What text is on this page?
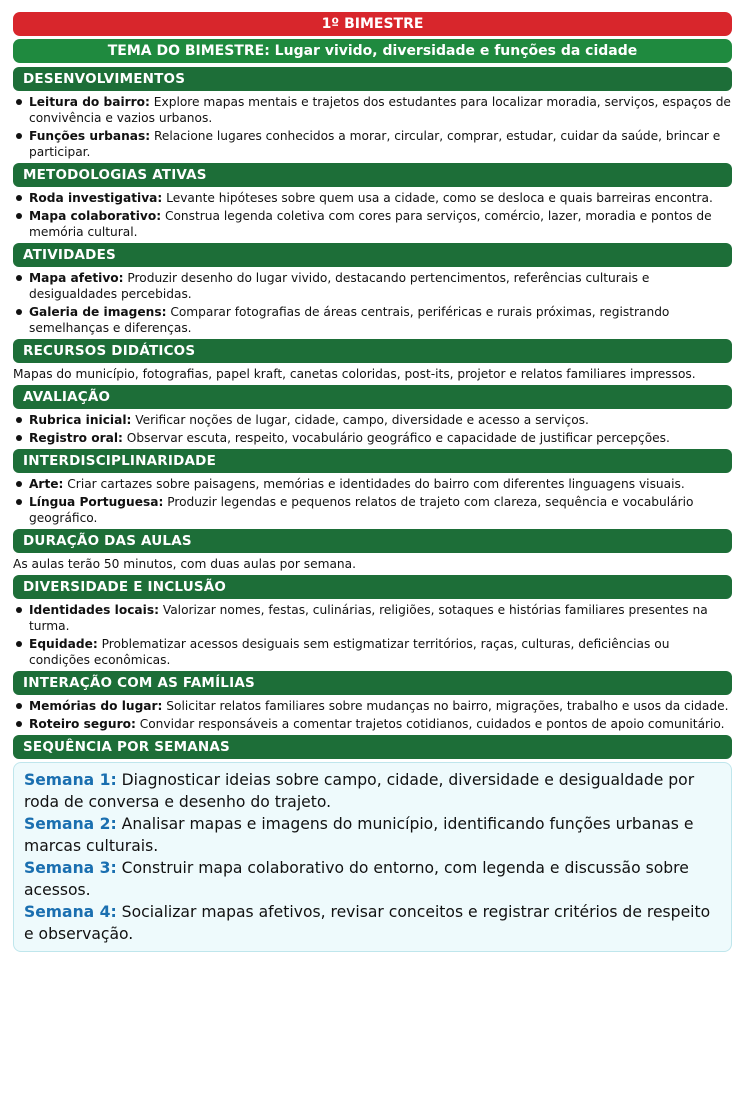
1º BIMESTRE
TEMA DO BIMESTRE: Lugar vivido, diversidade e funções da cidade
DESENVOLVIMENTOS
Leitura do bairro: Explore mapas mentais e trajetos dos estudantes para localizar moradia, serviços, espaços de convivência e vazios urbanos.
Funções urbanas: Relacione lugares conhecidos a morar, circular, comprar, estudar, cuidar da saúde, brincar e participar.
METODOLOGIAS ATIVAS
Roda investigativa: Levante hipóteses sobre quem usa a cidade, como se desloca e quais barreiras encontra.
Mapa colaborativo: Construa legenda coletiva com cores para serviços, comércio, lazer, moradia e pontos de memória cultural.
ATIVIDADES
Mapa afetivo: Produzir desenho do lugar vivido, destacando pertencimentos, referências culturais e desigualdades percebidas.
Galeria de imagens: Comparar fotografias de áreas centrais, periféricas e rurais próximas, registrando semelhanças e diferenças.
RECURSOS DIDÁTICOS

Mapas do município, fotografias, papel kraft, canetas coloridas, post-its, projetor e relatos familiares impressos.

AVALIAÇÃO
Rubrica inicial: Verificar noções de lugar, cidade, campo, diversidade e acesso a serviços.
Registro oral: Observar escuta, respeito, vocabulário geográfico e capacidade de justificar percepções.
INTERDISCIPLINARIDADE
Arte: Criar cartazes sobre paisagens, memórias e identidades do bairro com diferentes linguagens visuais.
Língua Portuguesa: Produzir legendas e pequenos relatos de trajeto com clareza, sequência e vocabulário geográfico.
DURAÇÃO DAS AULAS

As aulas terão 50 minutos, com duas aulas por semana.

DIVERSIDADE E INCLUSÃO
Identidades locais: Valorizar nomes, festas, culinárias, religiões, sotaques e histórias familiares presentes na turma.
Equidade: Problematizar acessos desiguais sem estigmatizar territórios, raças, culturas, deficiências ou condições econômicas.
INTERAÇÃO COM AS FAMÍLIAS
Memórias do lugar: Solicitar relatos familiares sobre mudanças no bairro, migrações, trabalho e usos da cidade.
Roteiro seguro: Convidar responsáveis a comentar trajetos cotidianos, cuidados e pontos de apoio comunitário.
SEQUÊNCIA POR SEMANAS
Semana 1: Diagnosticar ideias sobre campo, cidade, diversidade e desigualdade por roda de conversa e desenho do trajeto.
Semana 2: Analisar mapas e imagens do município, identificando funções urbanas e marcas culturais.
Semana 3: Construir mapa colaborativo do entorno, com legenda e discussão sobre acessos.
Semana 4: Socializar mapas afetivos, revisar conceitos e registrar critérios de respeito e observação.
